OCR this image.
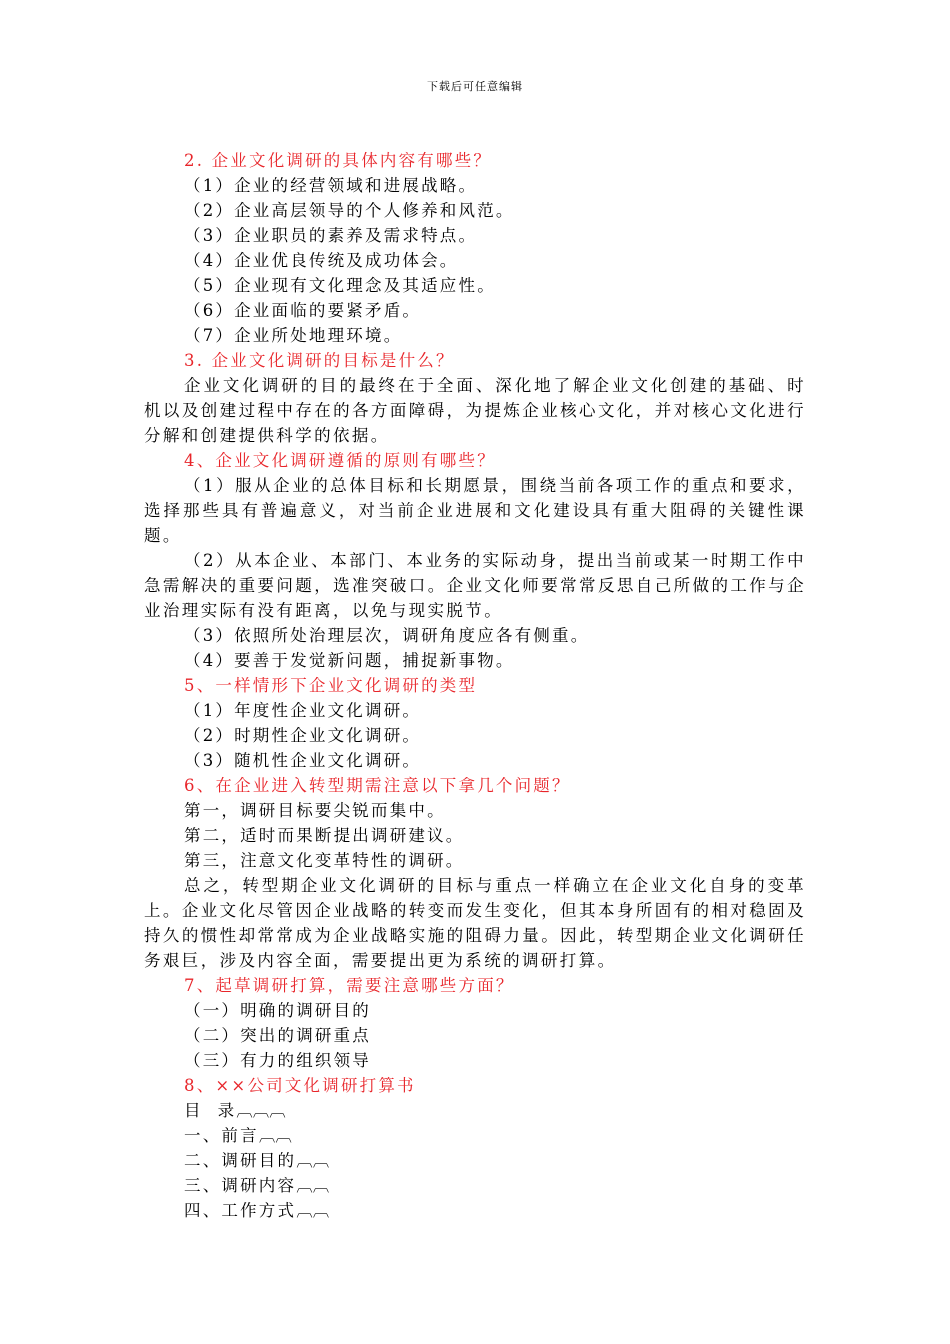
下载后可任意编辑

2. 企业文化调研的具体内容有哪些？

（1）企业的经营领域和进展战略。

（2）企业高层领导的个人修养和风范。

（3）企业职员的素养及需求特点。

（4）企业优良传统及成功体会。

（5）企业现有文化理念及其适应性。

（6）企业面临的要紧矛盾。

（7）企业所处地理环境。

3. 企业文化调研的目标是什么？

企业文化调研的目的最终在于全面、深化地了解企业文化创建的基础、时机以及创建过程中存在的各方面障碍，为提炼企业核心文化，并对核心文化进行分解和创建提供科学的依据。

4、企业文化调研遵循的原则有哪些？

（1）服从企业的总体目标和长期愿景，围绕当前各项工作的重点和要求，选择那些具有普遍意义，对当前企业进展和文化建设具有重大阻碍的关键性课题。

（2）从本企业、本部门、本业务的实际动身，提出当前或某一时期工作中急需解决的重要问题，选准突破口。企业文化师要常常反思自己所做的工作与企业治理实际有没有距离，以免与现实脱节。

（3）依照所处治理层次，调研角度应各有侧重。

（4）要善于发觉新问题，捕捉新事物。

5、一样情形下企业文化调研的类型

（1）年度性企业文化调研。

（2）时期性企业文化调研。

（3）随机性企业文化调研。

6、在企业进入转型期需注意以下拿几个问题？

第一，调研目标要尖锐而集中。

第二，适时而果断提出调研建议。

第三，注意文化变革特性的调研。

总之，转型期企业文化调研的目标与重点一样确立在企业文化自身的变革上。企业文化尽管因企业战略的转变而发生变化，但其本身所固有的相对稳固及持久的惯性却常常成为企业战略实施的阻碍力量。因此，转型期企业文化调研任务艰巨，涉及内容全面，需要提出更为系统的调研打算。

7、起草调研打算，需要注意哪些方面？

（一）明确的调研目的

（二）突出的调研重点

（三）有力的组织领导

8、××公司文化调研打算书

目  录︹︹︹

一、前言︹︹

二、调研目的︹︹

三、调研内容︹︹

四、工作方式︹︹
